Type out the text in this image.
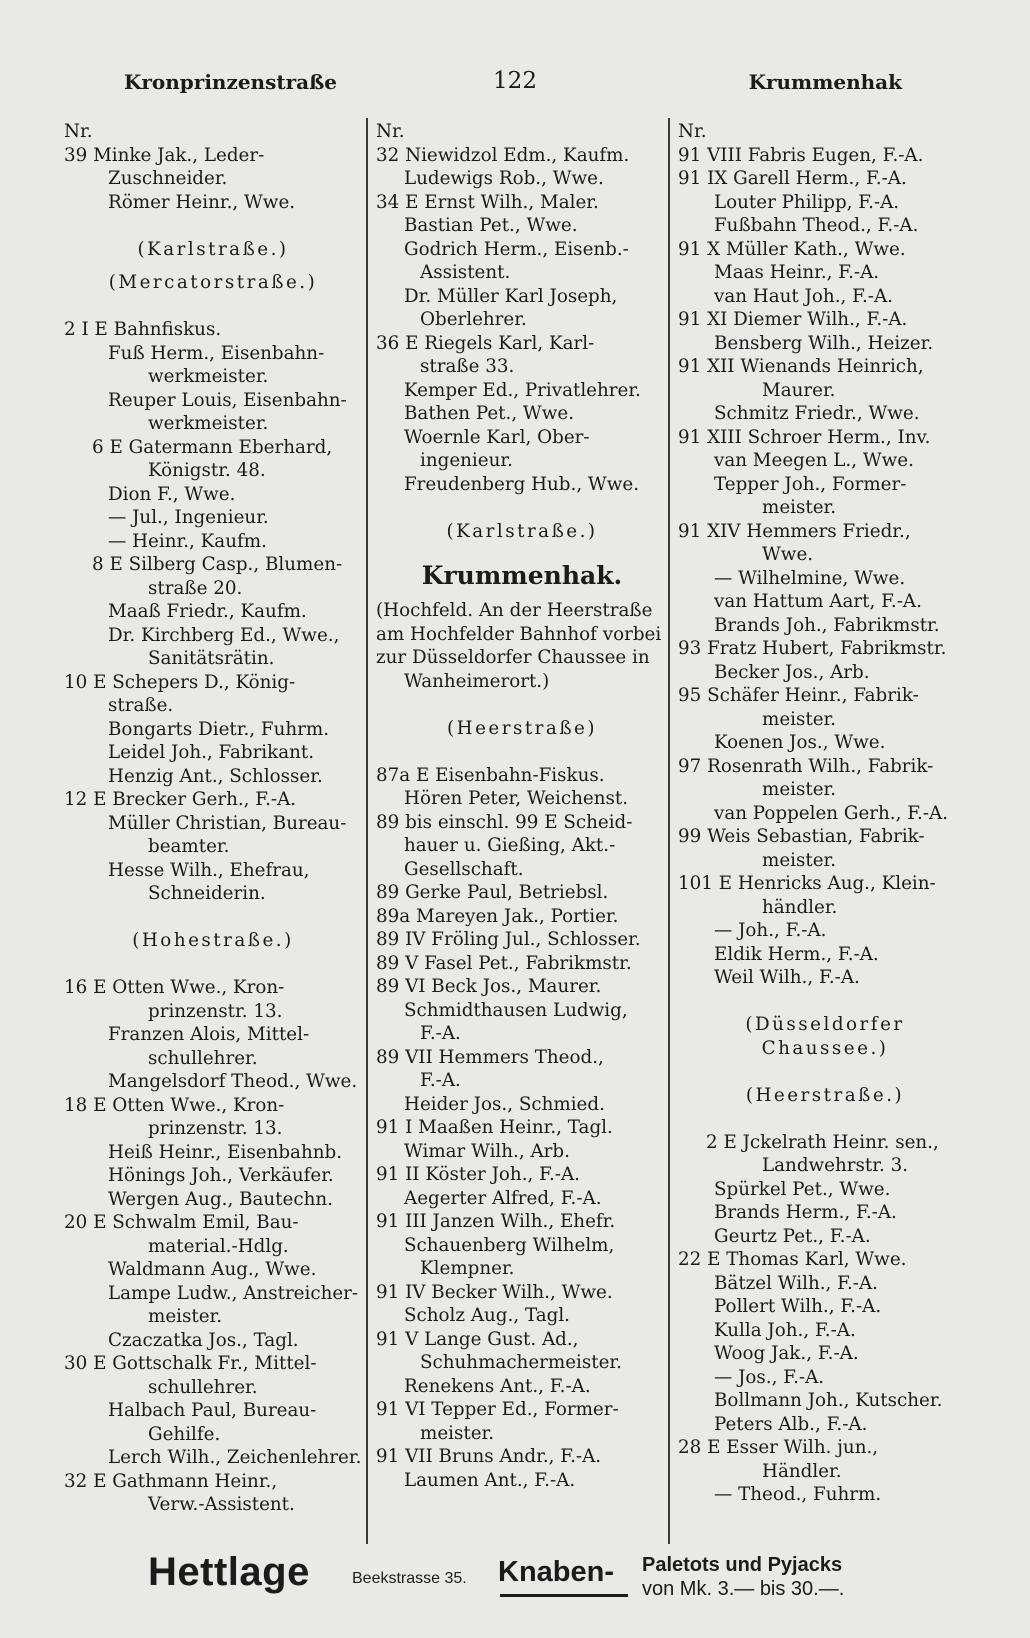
Kronprinzenstraße	122	Krummenhak
Nr.
39 Minke Jak., Leder-
Zuschneider.
Römer Heinr., Wwe.
(Karlstraße.)
(Mercatorstraße.)
2 I E Bahnfiskus.
Fuß Herm., Eisenbahn-
werkmeister.
Reuper Louis, Eisenbahn-
werkmeister.
6 E Gatermann Eberhard,
Königstr. 48.
Dion F., Wwe.
— Jul., Ingenieur.
— Heinr., Kaufm.
8 E Silberg Casp., Blumen-
straße 20.
Maaß Friedr., Kaufm.
Dr. Kirchberg Ed., Wwe.,
Sanitätsrätin.
10 E Schepers D., König-
straße.
Bongarts Dietr., Fuhrm.
Leidel Joh., Fabrikant.
Henzig Ant., Schlosser.
12 E Brecker Gerh., F.-A.
Müller Christian, Bureau-
beamter.
Hesse Wilh., Ehefrau,
Schneiderin.
(Hohestraße.)
16 E Otten Wwe., Kron-
prinzenstr. 13.
Franzen Alois, Mittel-
schullehrer.
Mangelsdorf Theod., Wwe.
18 E Otten Wwe., Kron-
prinzenstr. 13.
Heiß Heinr., Eisenbahnb.
Hönings Joh., Verkäufer.
Wergen Aug., Bautechn.
20 E Schwalm Emil, Bau-
material.-Hdlg.
Waldmann Aug., Wwe.
Lampe Ludw., Anstreicher-
meister.
Czaczatka Jos., Tagl.
30 E Gottschalk Fr., Mittel-
schullehrer.
Halbach Paul, Bureau-
Gehilfe.
Lerch Wilh., Zeichenlehrer.
32 E Gathmann Heinr.,
Verw.-Assistent.
Nr.
32 Niewidzol Edm., Kaufm.
Ludewigs Rob., Wwe.
34 E Ernst Wilh., Maler.
Bastian Pet., Wwe.
Godrich Herm., Eisenb.-
Assistent.
Dr. Müller Karl Joseph,
Oberlehrer.
36 E Riegels Karl, Karl-
straße 33.
Kemper Ed., Privatlehrer.
Bathen Pet., Wwe.
Woernle Karl, Ober-
ingenieur.
Freudenberg Hub., Wwe.
(Karlstraße.)
Krummenhak.
(Hochfeld. An der Heerstraße
am Hochfelder Bahnhof vorbei
zur Düsseldorfer Chaussee in
Wanheimerort.)
(Heerstraße)
87a E Eisenbahn-Fiskus.
Hören Peter, Weichenst.
89 bis einschl. 99 E Scheid-
hauer u. Gießing, Akt.-
Gesellschaft.
89 Gerke Paul, Betriebsl.
89a Mareyen Jak., Portier.
89 IV Fröling Jul., Schlosser.
89 V Fasel Pet., Fabrikmstr.
89 VI Beck Jos., Maurer.
Schmidthausen Ludwig,
F.-A.
89 VII Hemmers Theod.,
F.-A.
Heider Jos., Schmied.
91 I Maaßen Heinr., Tagl.
Wimar Wilh., Arb.
91 II Köster Joh., F.-A.
Aegerter Alfred, F.-A.
91 III Janzen Wilh., Ehefr.
Schauenberg Wilhelm,
Klempner.
91 IV Becker Wilh., Wwe.
Scholz Aug., Tagl.
91 V Lange Gust. Ad.,
Schuhmachermeister.
Renekens Ant., F.-A.
91 VI Tepper Ed., Former-
meister.
91 VII Bruns Andr., F.-A.
Laumen Ant., F.-A.
Nr.
91 VIII Fabris Eugen, F.-A.
91 IX Garell Herm., F.-A.
Louter Philipp, F.-A.
Fußbahn Theod., F.-A.
91 X Müller Kath., Wwe.
Maas Heinr., F.-A.
van Haut Joh., F.-A.
91 XI Diemer Wilh., F.-A.
Bensberg Wilh., Heizer.
91 XII Wienands Heinrich,
Maurer.
Schmitz Friedr., Wwe.
91 XIII Schroer Herm., Inv.
van Meegen L., Wwe.
Tepper Joh., Former-
meister.
91 XIV Hemmers Friedr.,
Wwe.
— Wilhelmine, Wwe.
van Hattum Aart, F.-A.
Brands Joh., Fabrikmstr.
93 Fratz Hubert, Fabrikmstr.
Becker Jos., Arb.
95 Schäfer Heinr., Fabrik-
meister.
Koenen Jos., Wwe.
97 Rosenrath Wilh., Fabrik-
meister.
van Poppelen Gerh., F.-A.
99 Weis Sebastian, Fabrik-
meister.
101 E Henricks Aug., Klein-
händler.
— Joh., F.-A.
Eldik Herm., F.-A.
Weil Wilh., F.-A.
(Düsseldorfer
Chaussee.)
(Heerstraße.)
2 E Jckelrath Heinr. sen.,
Landwehrstr. 3.
Spürkel Pet., Wwe.
Brands Herm., F.-A.
Geurtz Pet., F.-A.
22 E Thomas Karl, Wwe.
Bätzel Wilh., F.-A.
Pollert Wilh., F.-A.
Kulla Joh., F.-A.
Woog Jak., F.-A.
— Jos., F.-A.
Bollmann Joh., Kutscher.
Peters Alb., F.-A.
28 E Esser Wilh. jun.,
Händler.
— Theod., Fuhrm.
Hettlage	Beekstrasse 35. Knaben- Paletots und Pyjacks
von Mk. 3.— bis 30.—.
